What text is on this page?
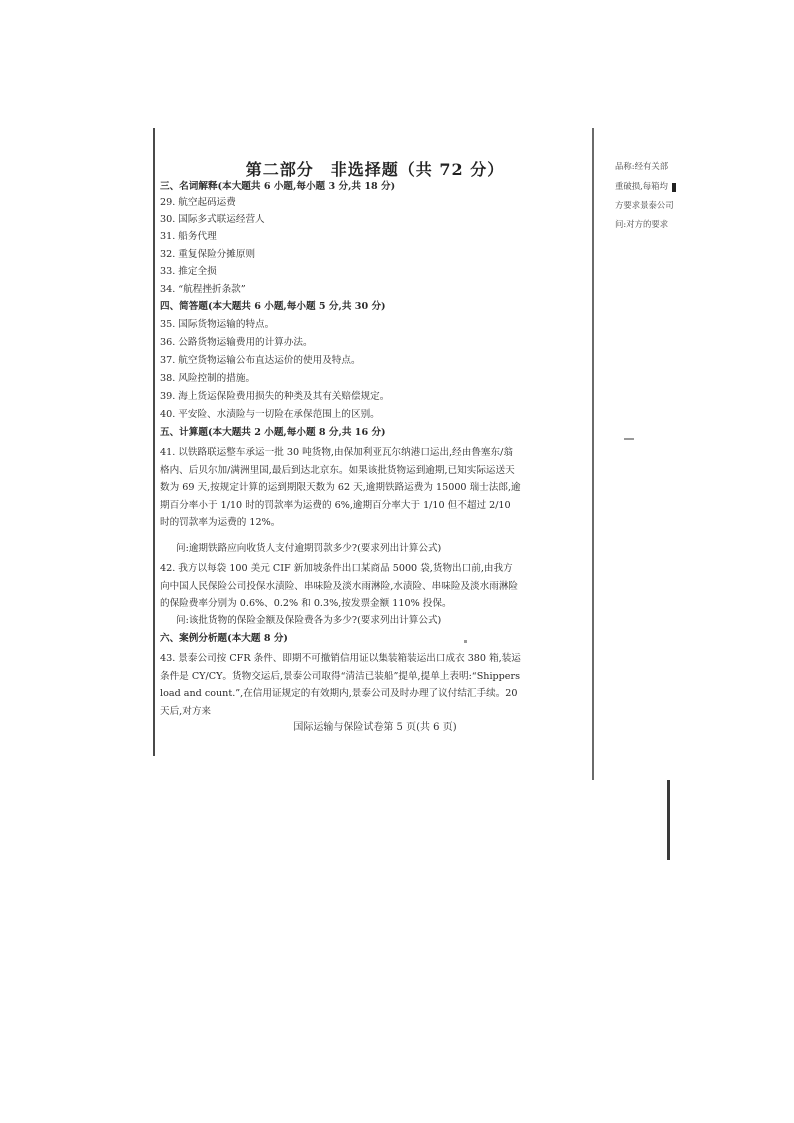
第二部分　非选择题（共 72 分）
三、名词解释(本大题共 6 小题,每小题 3 分,共 18 分)
29. 航空起码运费
30. 国际多式联运经营人
31. 船务代理
32. 重复保险分摊原则
33. 推定全损
34. “航程挫折条款”
四、简答题(本大题共 6 小题,每小题 5 分,共 30 分)
35. 国际货物运输的特点。
36. 公路货物运输费用的计算办法。
37. 航空货物运输公布直达运价的使用及特点。
38. 风险控制的措施。
39. 海上货运保险费用损失的种类及其有关赔偿规定。
40. 平安险、水渍险与一切险在承保范围上的区别。
五、计算题(本大题共 2 小题,每小题 8 分,共 16 分)
41. 以铁路联运整车承运一批 30 吨货物,由保加利亚瓦尔纳港口运出,经由鲁塞东/翁格内、后贝尔加/满洲里国,最后到达北京东。如果该批货物运到逾期,已知实际运送天数为 69 天,按规定计算的运到期限天数为 62 天,逾期铁路运费为 15000 瑞士法郎,逾期百分率小于 1/10 时的罚款率为运费的 6%,逾期百分率大于 1/10 但不超过 2/10 时的罚款率为运费的 12%。
问:逾期铁路应向收货人支付逾期罚款多少?(要求列出计算公式)
42. 我方以每袋 100 美元 CIF 新加坡条件出口某商品 5000 袋,货物出口前,由我方向中国人民保险公司投保水渍险、串味险及淡水雨淋险,水渍险、串味险及淡水雨淋险的保险费率分别为 0.6%、0.2% 和 0.3%,按发票金额 110% 投保。
问:该批货物的保险金额及保险费各为多少?(要求列出计算公式)
六、案例分析题(本大题 8 分)
43. 景泰公司按 CFR 条件、即期不可撤销信用证以集装箱装运出口成衣 380 箱,装运条件是 CY/CY。货物交运后,景泰公司取得“清洁已装船”提单,提单上表明:“Shippers load and count.”,在信用证规定的有效期内,景泰公司及时办理了议付结汇手续。20 天后,对方来
国际运输与保险试卷第 5 页(共 6 页)
品称:经有关部
重破损,每箱均
方要求景泰公司
问:对方的要求
